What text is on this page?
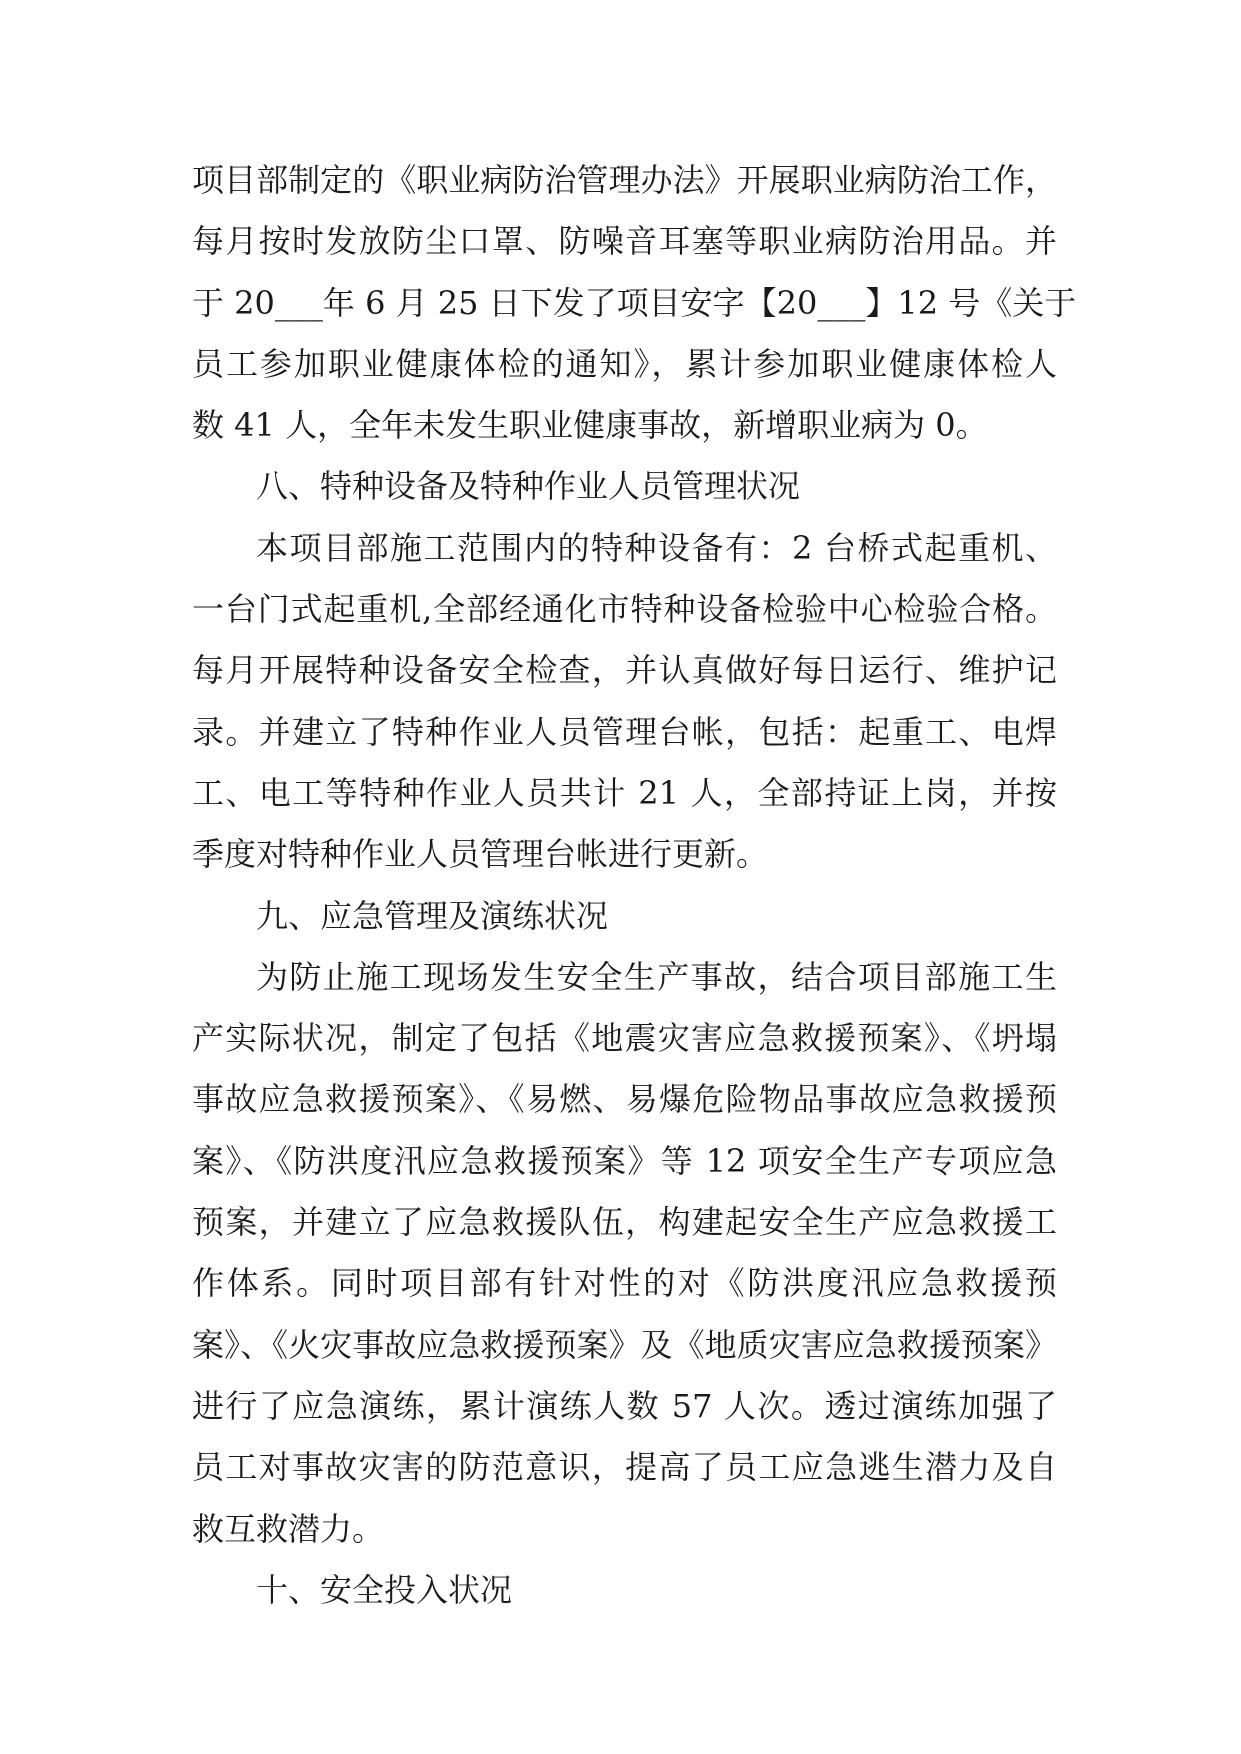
项目部制定的《职业病防治管理办法》开展职业病防治工作，
每月按时发放防尘口罩、防噪音耳塞等职业病防治用品。并
于 20___年 6 月 25 日下发了项目安字【20___】12 号《关于
员工参加职业健康体检的通知》，累计参加职业健康体检人
数 41 人，全年未发生职业健康事故，新增职业病为 0。
八、特种设备及特种作业人员管理状况
本项目部施工范围内的特种设备有：2 台桥式起重机、
一台门式起重机,全部经通化市特种设备检验中心检验合格。
每月开展特种设备安全检查，并认真做好每日运行、维护记
录。并建立了特种作业人员管理台帐，包括：起重工、电焊
工、电工等特种作业人员共计 21 人，全部持证上岗，并按
季度对特种作业人员管理台帐进行更新。
九、应急管理及演练状况
为防止施工现场发生安全生产事故，结合项目部施工生
产实际状况，制定了包括《地震灾害应急救援预案》、《坍塌
事故应急救援预案》、《易燃、易爆危险物品事故应急救援预
案》、《防洪度汛应急救援预案》等 12 项安全生产专项应急
预案，并建立了应急救援队伍，构建起安全生产应急救援工
作体系。同时项目部有针对性的对《防洪度汛应急救援预
案》、《火灾事故应急救援预案》及《地质灾害应急救援预案》
进行了应急演练，累计演练人数 57 人次。透过演练加强了
员工对事故灾害的防范意识，提高了员工应急逃生潜力及自
救互救潜力。
十、安全投入状况
